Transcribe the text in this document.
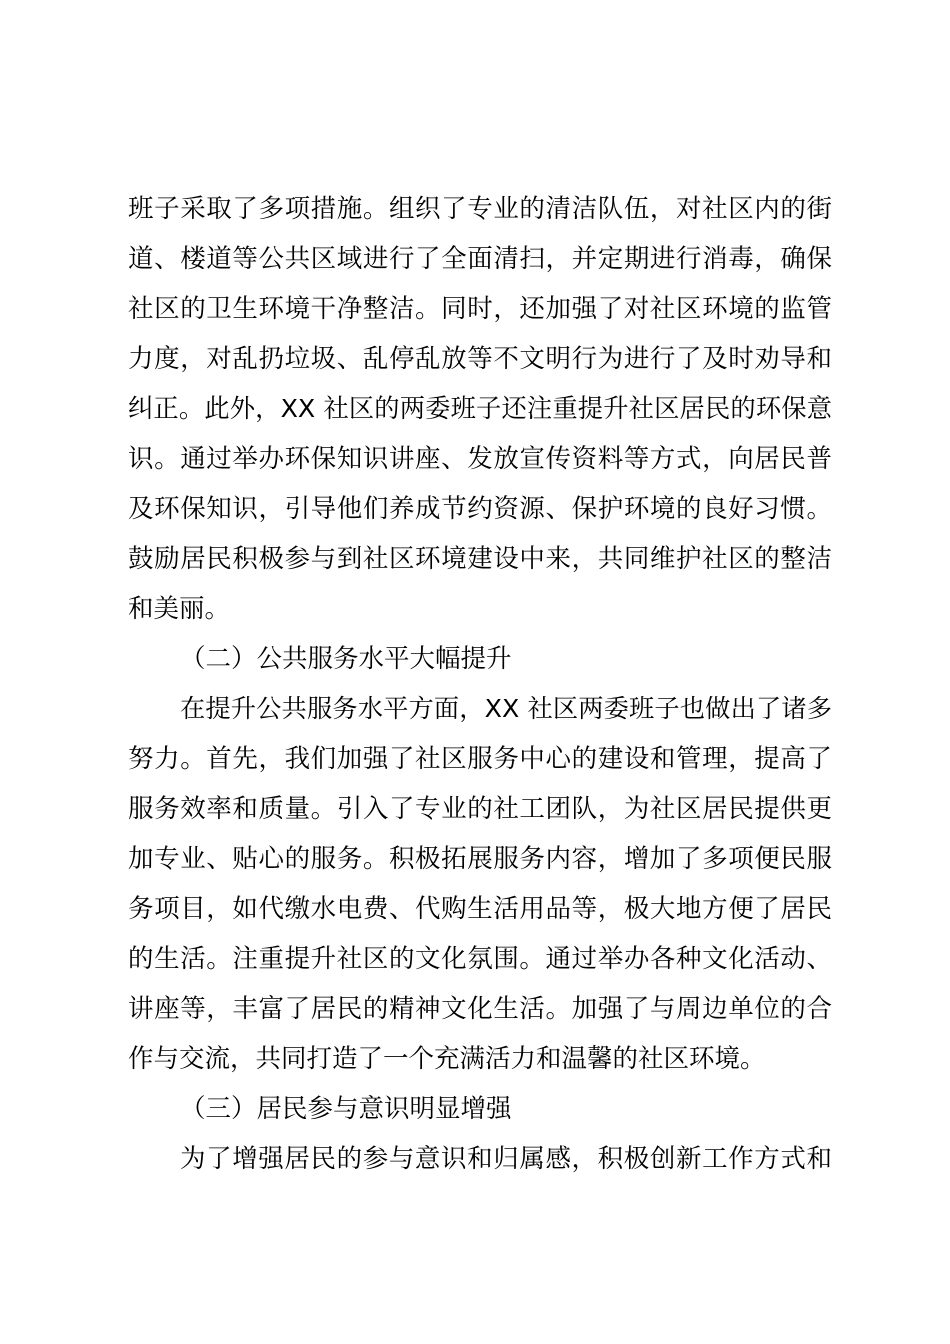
班子采取了多项措施。组织了专业的清洁队伍，对社区内的街
道、楼道等公共区域进行了全面清扫，并定期进行消毒，确保
社区的卫生环境干净整洁。同时，还加强了对社区环境的监管
力度，对乱扔垃圾、乱停乱放等不文明行为进行了及时劝导和
纠正。此外，XX 社区的两委班子还注重提升社区居民的环保意
识。通过举办环保知识讲座、发放宣传资料等方式，向居民普
及环保知识，引导他们养成节约资源、保护环境的良好习惯。
鼓励居民积极参与到社区环境建设中来，共同维护社区的整洁
和美丽。
（二）公共服务水平大幅提升
在提升公共服务水平方面，XX 社区两委班子也做出了诸多
努力。首先，我们加强了社区服务中心的建设和管理，提高了
服务效率和质量。引入了专业的社工团队，为社区居民提供更
加专业、贴心的服务。积极拓展服务内容，增加了多项便民服
务项目，如代缴水电费、代购生活用品等，极大地方便了居民
的生活。注重提升社区的文化氛围。通过举办各种文化活动、
讲座等，丰富了居民的精神文化生活。加强了与周边单位的合
作与交流，共同打造了一个充满活力和温馨的社区环境。
（三）居民参与意识明显增强
为了增强居民的参与意识和归属感，积极创新工作方式和
